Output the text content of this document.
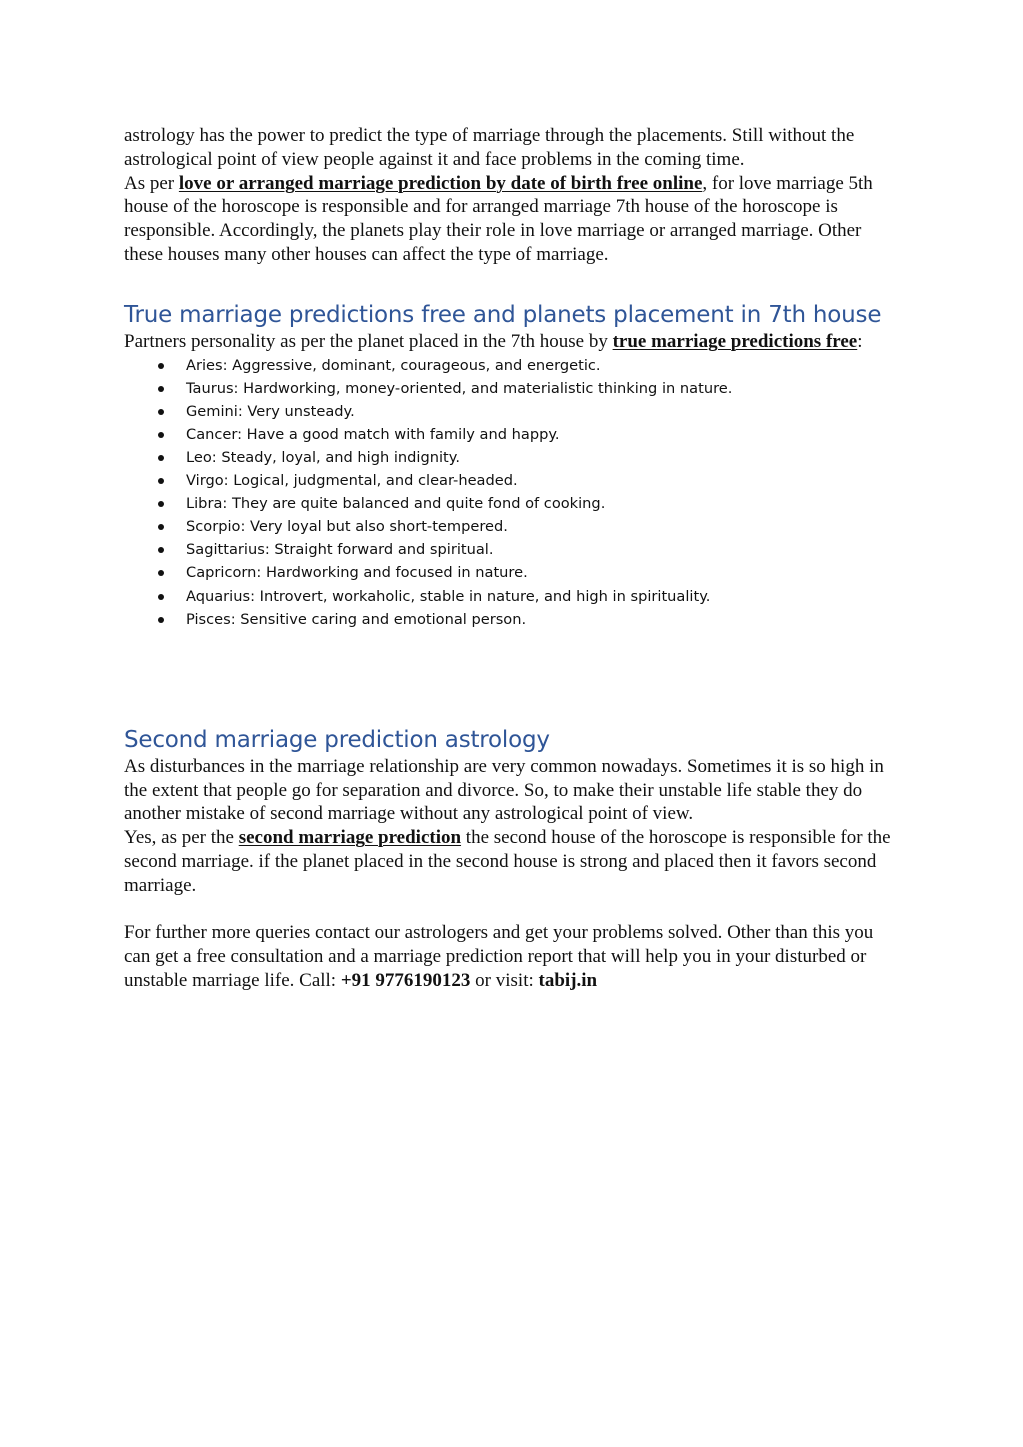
astrology has the power to predict the type of marriage through the placements. Still without the astrological point of view people against it and face problems in the coming time.

As per love or arranged marriage prediction by date of birth free online, for love marriage 5th house of the horoscope is responsible and for arranged marriage 7th house of the horoscope is responsible. Accordingly, the planets play their role in love marriage or arranged marriage. Other these houses many other houses can affect the type of marriage.

True marriage predictions free and planets placement in 7th house

Partners personality as per the planet placed in the 7th house by true marriage predictions free:

Aries: Aggressive, dominant, courageous, and energetic.
Taurus: Hardworking, money-oriented, and materialistic thinking in nature.
Gemini: Very unsteady.
Cancer: Have a good match with family and happy.
Leo: Steady, loyal, and high indignity.
Virgo: Logical, judgmental, and clear-headed.
Libra: They are quite balanced and quite fond of cooking.
Scorpio: Very loyal but also short-tempered.
Sagittarius: Straight forward and spiritual.
Capricorn: Hardworking and focused in nature.
Aquarius: Introvert, workaholic, stable in nature, and high in spirituality.
Pisces: Sensitive caring and emotional person.
Second marriage prediction astrology

As disturbances in the marriage relationship are very common nowadays. Sometimes it is so high in the extent that people go for separation and divorce. So, to make their unstable life stable they do another mistake of second marriage without any astrological point of view.

Yes, as per the second marriage prediction the second house of the horoscope is responsible for the second marriage. if the planet placed in the second house is strong and placed then it favors second marriage.

For further more queries contact our astrologers and get your problems solved. Other than this you can get a free consultation and a marriage prediction report that will help you in your disturbed or unstable marriage life. Call: +91 9776190123 or visit: tabij.in
